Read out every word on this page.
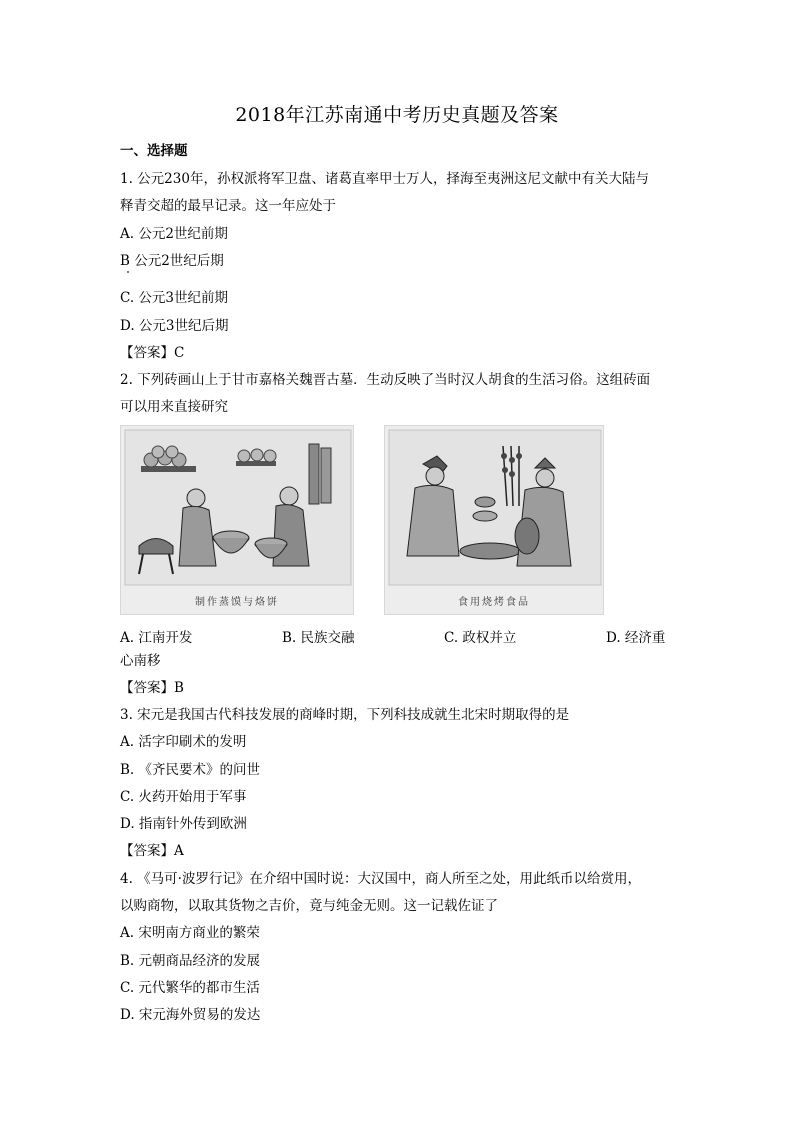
2018年江苏南通中考历史真题及答案
一、选择题
1. 公元230年，孙权派将军卫盘、诸葛直率甲士万人，择海至夷洲这尼文献中有关大陆与
释青交超的最早记录。这一年应处于
A. 公元2世纪前期
B 公元2世纪后期
C. 公元3世纪前期
D. 公元3世纪后期
【答案】C
2. 下列砖画山上于甘市嘉格关魏晋古墓．生动反映了当时汉人胡食的生活习俗。这组砖面
可以用来直接研究
制作蒸馍与烙饼	食用烧烤食品
A. 江南开发	B. 民族交融	C. 政权并立	D. 经济重
心南移
【答案】B
3. 宋元是我国古代科技发展的商峰时期，下列科技成就生北宋时期取得的是
A. 活字印刷术的发明
B. 《齐民要术》的问世
C. 火药开始用于军事
D. 指南针外传到欧洲
【答案】A
4. 《马可·波罗行记》在介绍中国时说：大汉国中，商人所至之处，用此纸币以给赏用，
以购商物，以取其货物之吉价，竟与纯金无则。这一记载佐证了
A. 宋明南方商业的繁荣
B. 元朝商品经济的发展
C. 元代繁华的都市生活
D. 宋元海外贸易的发达
